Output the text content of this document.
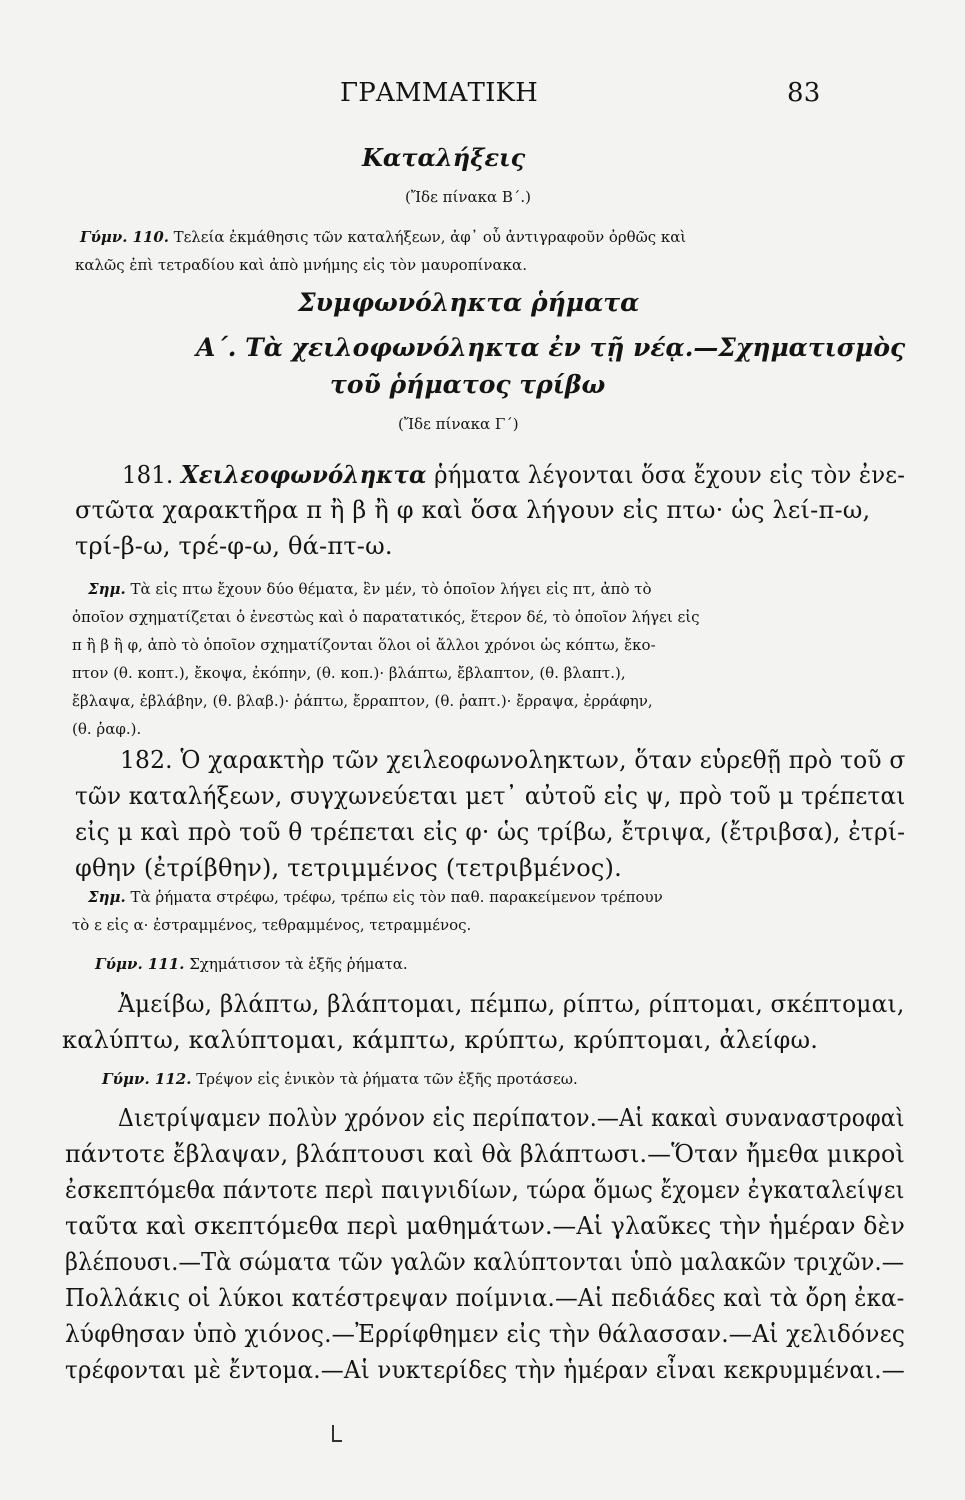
ΓΡΑΜΜΑΤΙΚΗ	83
Καταλήξεις
(Ἴδε πίνακα Β΄.)
Γύμν. 110. Τελεία ἐκμάθησις τῶν καταλήξεων, ἀφ᾽ οὗ ἀντιγραφοῦν ὀρθῶς καὶ
καλῶς ἐπὶ τετραδίου καὶ ἀπὸ μνήμης εἰς τὸν μαυροπίνακα.
Συμφωνόληκτα ῥήματα
Α΄. Τὰ χειλοφωνόληκτα ἐν τῇ νέᾳ.—Σχηματισμὸς
τοῦ ῥήματος τρίβω
(Ἴδε πίνακα Γ΄)
181. Χειλεοφωνόληκτα ῥήματα λέγονται ὅσα ἔχουν εἰς τὸν ἐνε-
στῶτα χαρακτῆρα π ἢ β ἢ φ καὶ ὅσα λήγουν εἰς πτω· ὡς λεί-π-ω,
τρί-β-ω, τρέ-φ-ω, θά-πτ-ω.
Σημ. Τὰ εἰς πτω ἔχουν δύο θέματα, ἓν μέν, τὸ ὁποῖον λήγει εἰς πτ, ἀπὸ τὸ
ὁποῖον σχηματίζεται ὁ ἐνεστὼς καὶ ὁ παρατατικός, ἕτερον δέ, τὸ ὁποῖον λήγει εἰς
π ἢ β ἢ φ, ἀπὸ τὸ ὁποῖον σχηματίζονται ὅλοι οἱ ἄλλοι χρόνοι ὡς κόπτω, ἔκο-
πτον (θ. κοπτ.), ἔκοψα, ἐκόπην, (θ. κοπ.)· βλάπτω, ἔβλαπτον, (θ. βλαπτ.),
ἔβλαψα, ἐβλάβην, (θ. βλαβ.)· ῥάπτω, ἔρραπτον, (θ. ῥαπτ.)· ἔρραψα, ἐρράφην,
(θ. ῥαφ.).
182. Ὁ χαρακτὴρ τῶν χειλεοφωνοληκτων, ὅταν εὑρεθῇ πρὸ τοῦ σ
τῶν καταλήξεων, συγχωνεύεται μετ᾽ αὐτοῦ εἰς ψ, πρὸ τοῦ μ τρέπεται
εἰς μ καὶ πρὸ τοῦ θ τρέπεται εἰς φ· ὡς τρίβω, ἔτριψα, (ἔτριβσα), ἐτρί-
φθην (ἐτρίβθην), τετριμμένος (τετριβμένος).
Σημ. Τὰ ῥήματα στρέφω, τρέφω, τρέπω εἰς τὸν παθ. παρακείμενον τρέπουν
τὸ ε εἰς α· ἐστραμμένος, τεθραμμένος, τετραμμένος.
Γύμν. 111. Σχημάτισον τὰ ἑξῆς ῥήματα.
Ἀμείβω, βλάπτω, βλάπτομαι, πέμπω, ρίπτω, ρίπτομαι, σκέπτομαι,
καλύπτω, καλύπτομαι, κάμπτω, κρύπτω, κρύπτομαι, ἀλείφω.
Γύμν. 112. Τρέψον εἰς ἑνικὸν τὰ ῥήματα τῶν ἑξῆς προτάσεω.
Διετρίψαμεν πολὺν χρόνον εἰς περίπατον.—Αἱ κακαὶ συναναστροφαὶ
πάντοτε ἔβλαψαν, βλάπτουσι καὶ θὰ βλάπτωσι.—Ὅταν ἤμεθα μικροὶ
ἐσκεπτόμεθα πάντοτε περὶ παιγνιδίων, τώρα ὅμως ἔχομεν ἐγκαταλείψει
ταῦτα καὶ σκεπτόμεθα περὶ μαθημάτων.—Αἱ γλαῦκες τὴν ἡμέραν δὲν
βλέπουσι.—Τὰ σώματα τῶν γαλῶν καλύπτονται ὑπὸ μαλακῶν τριχῶν.—
Πολλάκις οἱ λύκοι κατέστρεψαν ποίμνια.—Αἱ πεδιάδες καὶ τὰ ὄρη ἐκα-
λύφθησαν ὑπὸ χιόνος.—Ἐρρίφθημεν εἰς τὴν θάλασσαν.—Αἱ χελιδόνες
τρέφονται μὲ ἔντομα.—Αἱ νυκτερίδες τὴν ἡμέραν εἶναι κεκρυμμέναι.—
